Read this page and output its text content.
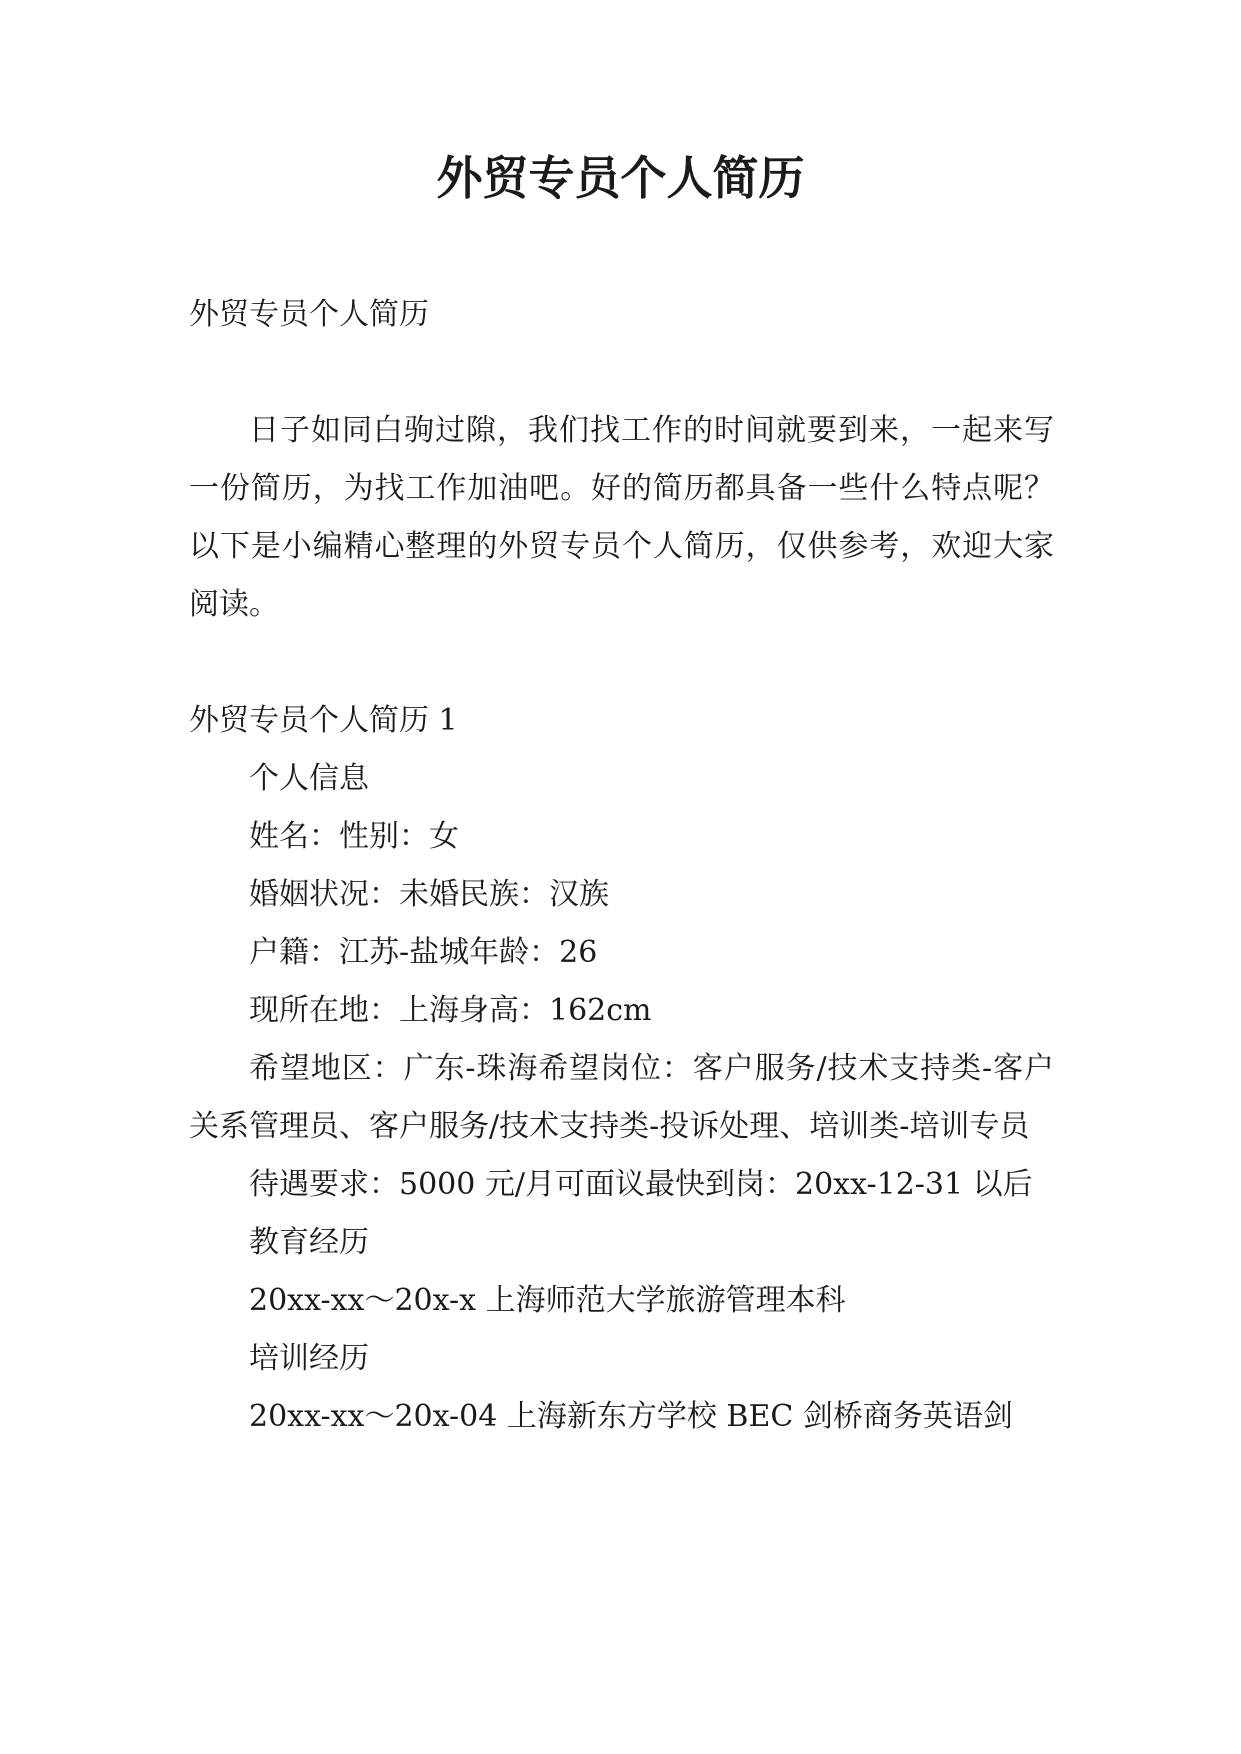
外贸专员个人简历

外贸专员个人简历

日子如同白驹过隙，我们找工作的时间就要到来，一起来写一份简历，为找工作加油吧。好的简历都具备一些什么特点呢？以下是小编精心整理的外贸专员个人简历，仅供参考，欢迎大家阅读。

外贸专员个人简历 1

个人信息

姓名：性别：女

婚姻状况：未婚民族：汉族

户籍：江苏-盐城年龄：26

现所在地：上海身高：162cm

希望地区：广东-珠海希望岗位：客户服务/技术支持类-客户关系管理员、客户服务/技术支持类-投诉处理、培训类-培训专员

待遇要求：5000 元/月可面议最快到岗：20xx-12-31 以后

教育经历

20xx-xx～20x-x 上海师范大学旅游管理本科

培训经历

20xx-xx～20x-04 上海新东方学校 BEC 剑桥商务英语剑
